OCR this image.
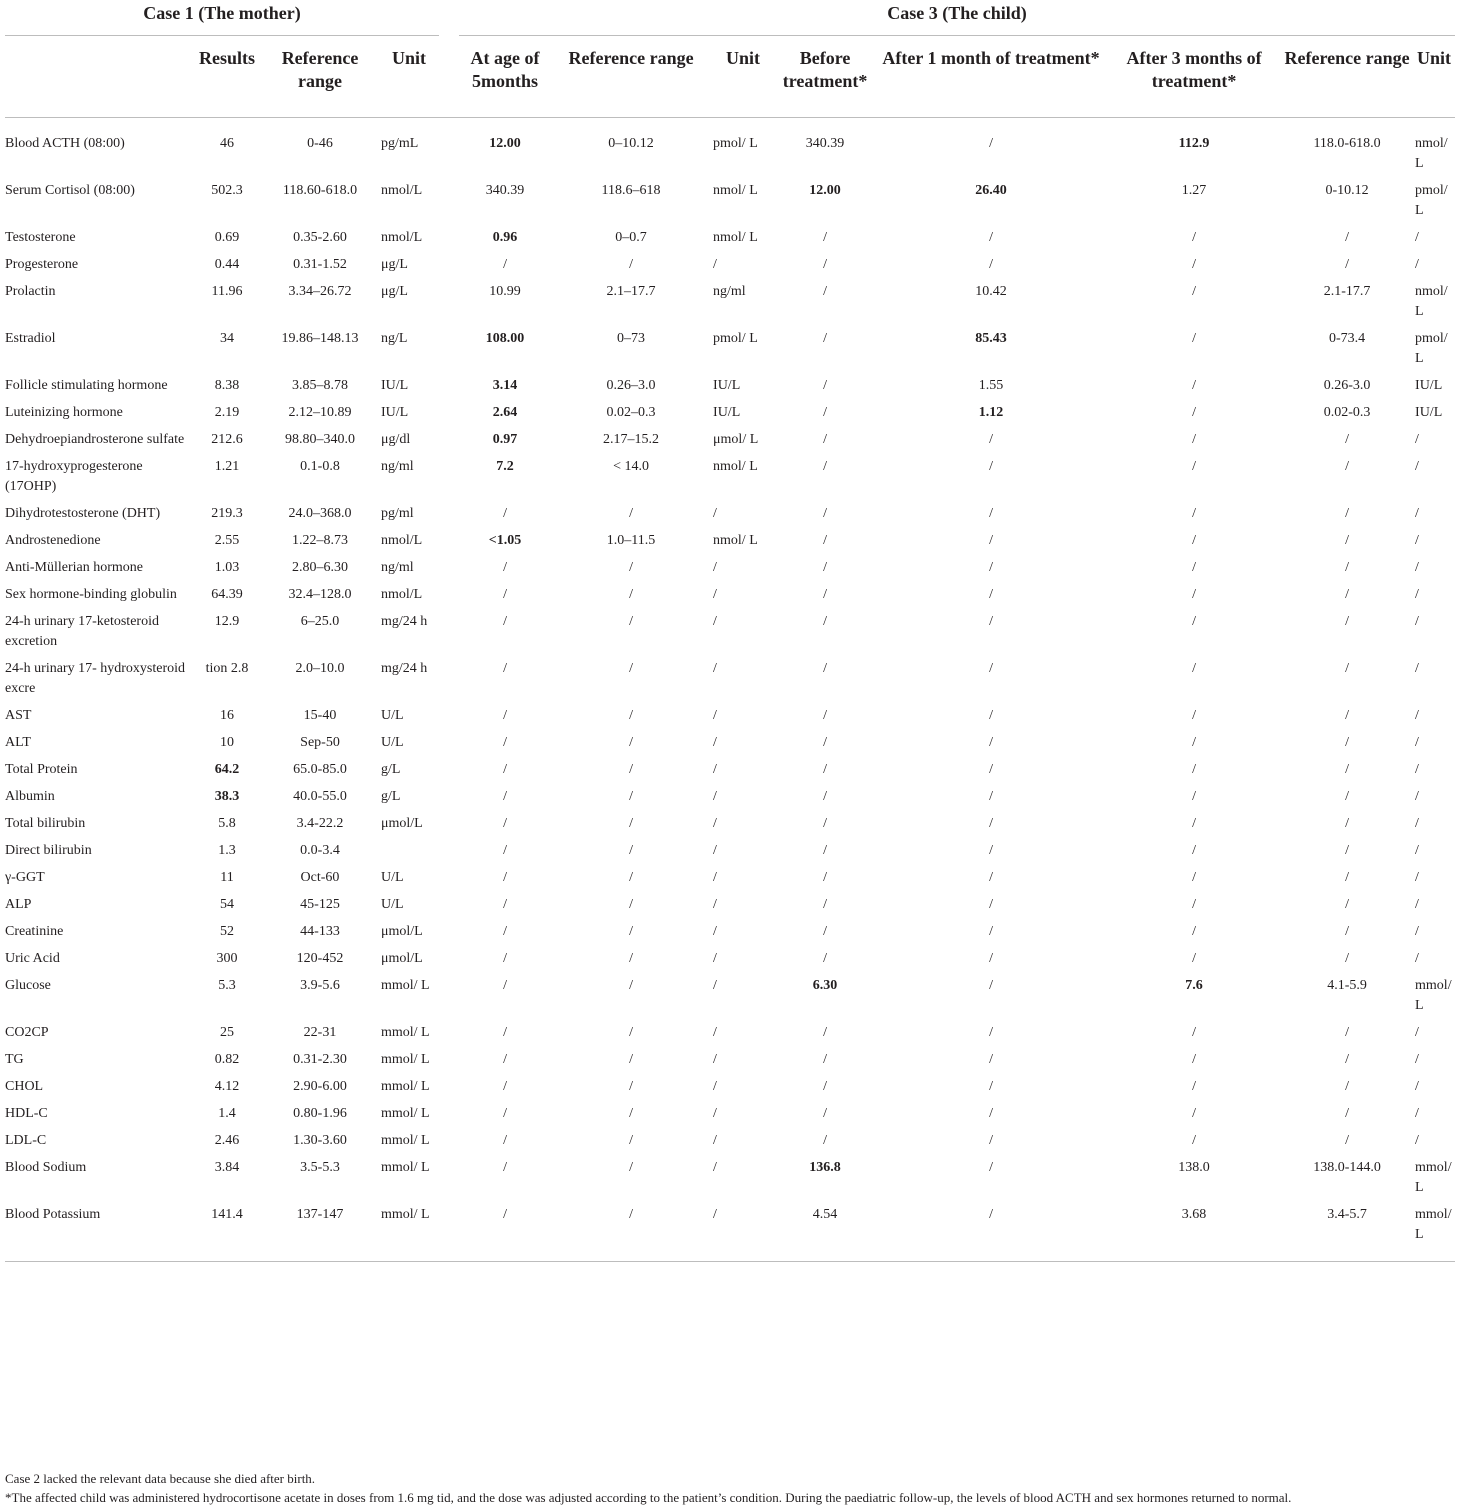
Case 1 (The mother)					Case 3 (The child)							
	Results	Reference range	Unit		At age of 5months	Reference range	Unit	Before treatment*	After 1 month of treatment*	After 3 months of treatment*	Reference range	Unit
Blood ACTH (08:00)	46	0-46	pg/mL		12.00	0–10.12	pmol/ L	340.39	/	112.9	118.0-618.0	nmol/ L
Serum Cortisol (08:00)	502.3	118.60-618.0	nmol/L		340.39	118.6–618	nmol/ L	12.00	26.40	1.27	0-10.12	pmol/ L
Testosterone	0.69	0.35-2.60	nmol/L		0.96	0–0.7	nmol/ L	/	/	/	/	/
Progesterone	0.44	0.31-1.52	μg/L		/	/	/	/	/	/	/	/
Prolactin	11.96	3.34–26.72	μg/L		10.99	2.1–17.7	ng/ml	/	10.42	/	2.1-17.7	nmol/ L
Estradiol	34	19.86–148.13	ng/L		108.00	0–73	pmol/ L	/	85.43	/	0-73.4	pmol/ L
Follicle stimulating hormone	8.38	3.85–8.78	IU/L		3.14	0.26–3.0	IU/L	/	1.55	/	0.26-3.0	IU/L
Luteinizing hormone	2.19	2.12–10.89	IU/L		2.64	0.02–0.3	IU/L	/	1.12	/	0.02-0.3	IU/L
Dehydroepiandrosterone sulfate	212.6	98.80–340.0	μg/dl		0.97	2.17–15.2	μmol/ L	/	/	/	/	/
17-hydroxyprogesterone (17OHP)	1.21	0.1-0.8	ng/ml		7.2	< 14.0	nmol/ L	/	/	/	/	/
Dihydrotestosterone (DHT)	219.3	24.0–368.0	pg/ml		/	/	/	/	/	/	/	/
Androstenedione	2.55	1.22–8.73	nmol/L		<1.05	1.0–11.5	nmol/ L	/	/	/	/	/
Anti-Müllerian hormone	1.03	2.80–6.30	ng/ml		/	/	/	/	/	/	/	/
Sex hormone-binding globulin	64.39	32.4–128.0	nmol/L		/	/	/	/	/	/	/	/
24-h urinary 17-ketosteroid excretion	12.9	6–25.0	mg/24 h		/	/	/	/	/	/	/	/
24-h urinary 17- hydroxysteroid excre	tion 2.8	2.0–10.0	mg/24 h		/	/	/	/	/	/	/	/
AST	16	15-40	U/L		/	/	/	/	/	/	/	/
ALT	10	Sep-50	U/L		/	/	/	/	/	/	/	/
Total Protein	64.2	65.0-85.0	g/L		/	/	/	/	/	/	/	/
Albumin	38.3	40.0-55.0	g/L		/	/	/	/	/	/	/	/
Total bilirubin	5.8	3.4-22.2	μmol/L		/	/	/	/	/	/	/	/
Direct bilirubin	1.3	0.0-3.4			/	/	/	/	/	/	/	/
γ-GGT	11	Oct-60	U/L		/	/	/	/	/	/	/	/
ALP	54	45-125	U/L		/	/	/	/	/	/	/	/
Creatinine	52	44-133	μmol/L		/	/	/	/	/	/	/	/
Uric Acid	300	120-452	μmol/L		/	/	/	/	/	/	/	/
Glucose	5.3	3.9-5.6	mmol/ L		/	/	/	6.30	/	7.6	4.1-5.9	mmol/ L
CO2CP	25	22-31	mmol/ L		/	/	/	/	/	/	/	/
TG	0.82	0.31-2.30	mmol/ L		/	/	/	/	/	/	/	/
CHOL	4.12	2.90-6.00	mmol/ L		/	/	/	/	/	/	/	/
HDL-C	1.4	0.80-1.96	mmol/ L		/	/	/	/	/	/	/	/
LDL-C	2.46	1.30-3.60	mmol/ L		/	/	/	/	/	/	/	/
Blood Sodium	3.84	3.5-5.3	mmol/ L		/	/	/	136.8	/	138.0	138.0-144.0	mmol/ L
Blood Potassium	141.4	137-147	mmol/ L		/	/	/	4.54	/	3.68	3.4-5.7	mmol/ L
Case 2 lacked the relevant data because she died after birth.
*The affected child was administered hydrocortisone acetate in doses from 1.6 mg tid, and the dose was adjusted according to the patient’s condition. During the paediatric follow-up, the levels of blood ACTH and sex hormones returned to normal.
